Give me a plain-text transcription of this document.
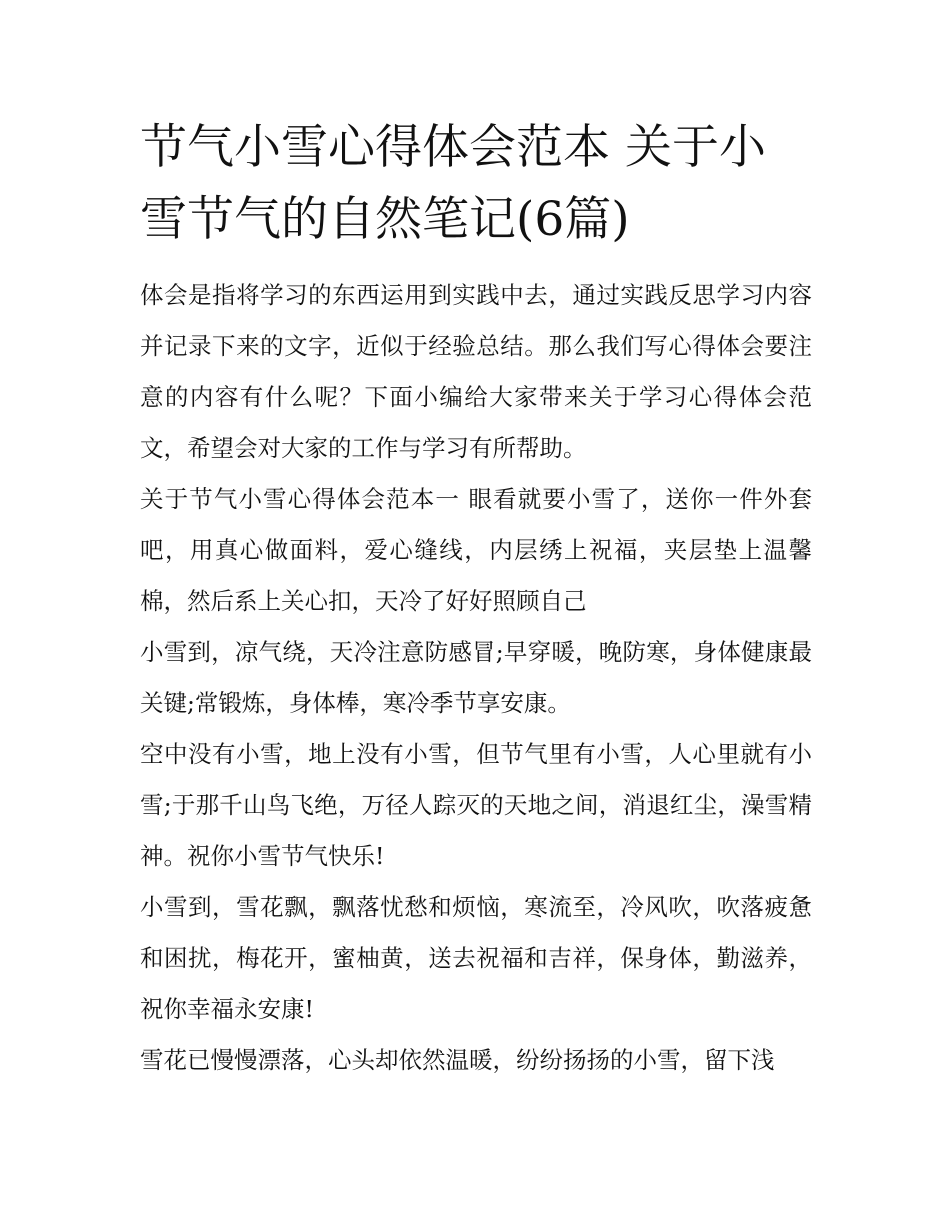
节气小雪心得体会范本 关于小雪节气的自然笔记(6篇)

体会是指将学习的东西运用到实践中去，通过实践反思学习内容并记录下来的文字，近似于经验总结。那么我们写心得体会要注意的内容有什么呢？下面小编给大家带来关于学习心得体会范文，希望会对大家的工作与学习有所帮助。

关于节气小雪心得体会范本一 眼看就要小雪了，送你一件外套吧，用真心做面料，爱心缝线，内层绣上祝福，夹层垫上温馨棉，然后系上关心扣，天冷了好好照顾自己

小雪到，凉气绕，天冷注意防感冒;早穿暖，晚防寒，身体健康最关键;常锻炼，身体棒，寒冷季节享安康。

空中没有小雪，地上没有小雪，但节气里有小雪，人心里就有小雪;于那千山鸟飞绝，万径人踪灭的天地之间，消退红尘，澡雪精神。祝你小雪节气快乐!

小雪到，雪花飘，飘落忧愁和烦恼，寒流至，冷风吹，吹落疲惫和困扰，梅花开，蜜柚黄，送去祝福和吉祥，保身体，勤滋养，祝你幸福永安康!

雪花已慢慢漂落，心头却依然温暖，纷纷扬扬的小雪，留下浅
